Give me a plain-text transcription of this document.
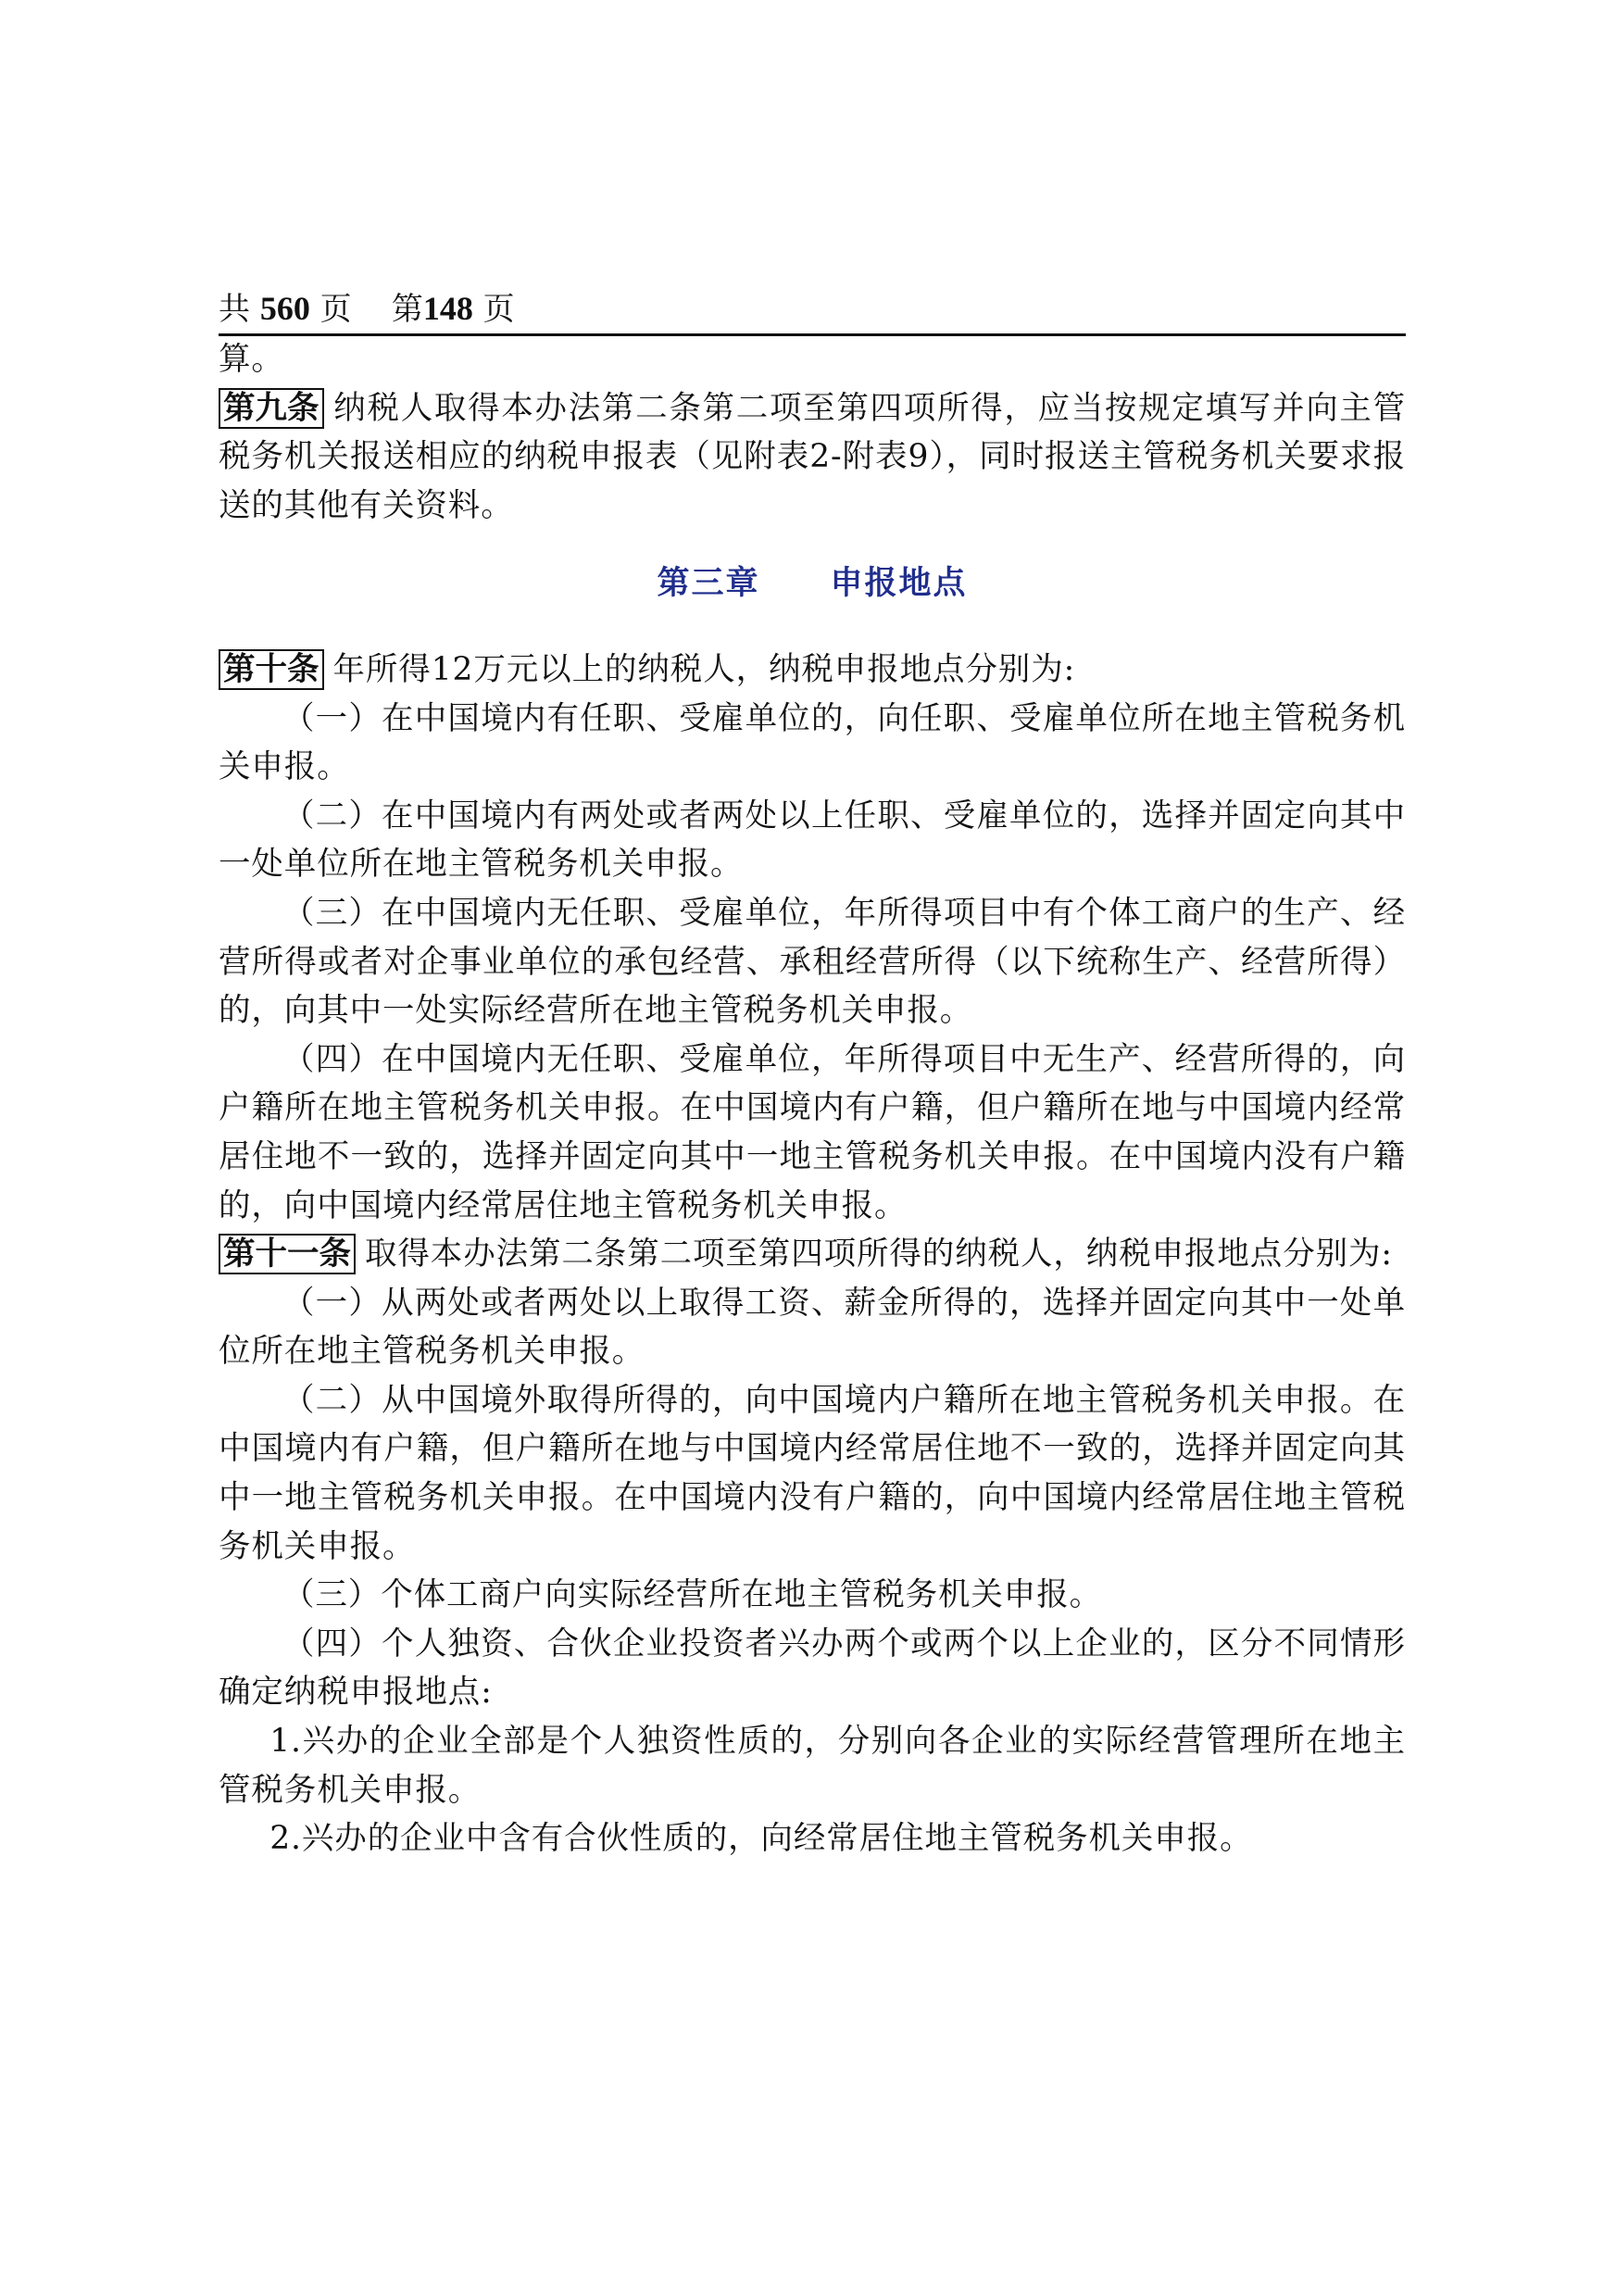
共 560 页 第148 页

算。

第九条 纳税人取得本办法第二条第二项至第四项所得，应当按规定填写并向主管税务机关报送相应的纳税申报表（见附表2-附表9），同时报送主管税务机关要求报送的其他有关资料。

第三章 申报地点

第十条 年所得12万元以上的纳税人，纳税申报地点分别为:

（一）在中国境内有任职、受雇单位的，向任职、受雇单位所在地主管税务机关申报。

（二）在中国境内有两处或者两处以上任职、受雇单位的，选择并固定向其中一处单位所在地主管税务机关申报。

（三）在中国境内无任职、受雇单位，年所得项目中有个体工商户的生产、经营所得或者对企事业单位的承包经营、承租经营所得（以下统称生产、经营所得）的，向其中一处实际经营所在地主管税务机关申报。

（四）在中国境内无任职、受雇单位，年所得项目中无生产、经营所得的，向户籍所在地主管税务机关申报。在中国境内有户籍，但户籍所在地与中国境内经常居住地不一致的，选择并固定向其中一地主管税务机关申报。在中国境内没有户籍的，向中国境内经常居住地主管税务机关申报。

第十一条 取得本办法第二条第二项至第四项所得的纳税人，纳税申报地点分别为:

（一）从两处或者两处以上取得工资、薪金所得的，选择并固定向其中一处单位所在地主管税务机关申报。

（二）从中国境外取得所得的，向中国境内户籍所在地主管税务机关申报。在中国境内有户籍，但户籍所在地与中国境内经常居住地不一致的，选择并固定向其中一地主管税务机关申报。在中国境内没有户籍的，向中国境内经常居住地主管税务机关申报。

（三）个体工商户向实际经营所在地主管税务机关申报。

（四）个人独资、合伙企业投资者兴办两个或两个以上企业的，区分不同情形确定纳税申报地点:

1.兴办的企业全部是个人独资性质的，分别向各企业的实际经营管理所在地主管税务机关申报。

2.兴办的企业中含有合伙性质的，向经常居住地主管税务机关申报。
